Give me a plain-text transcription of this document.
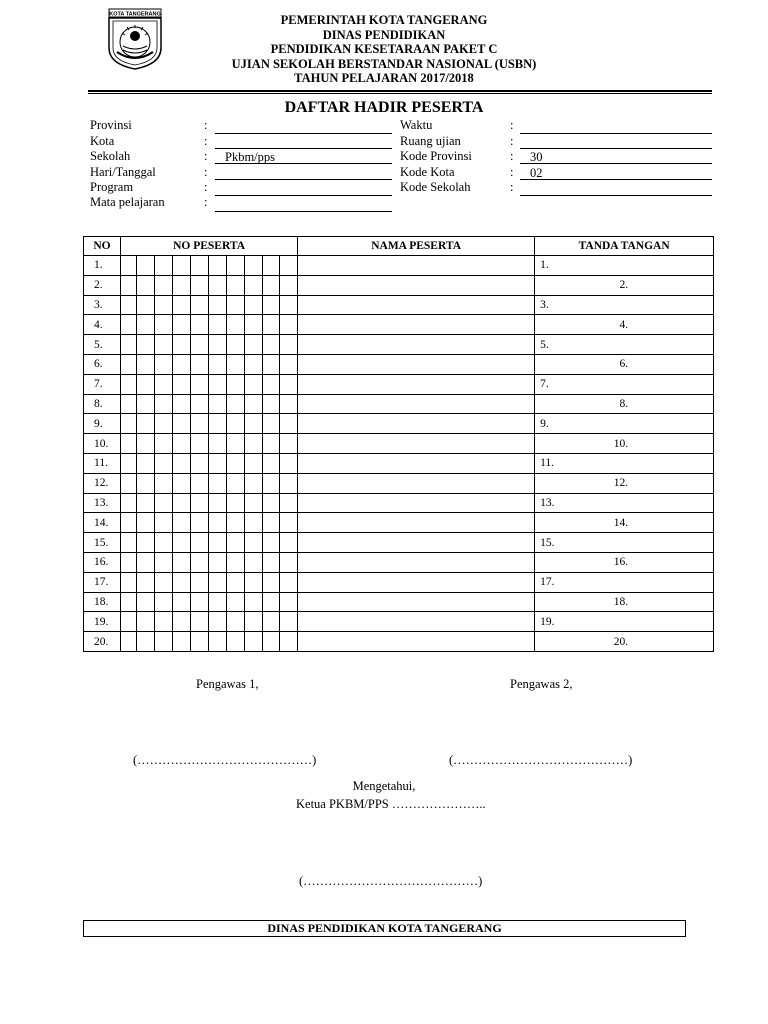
KOTA TANGERANG	PEMERINTAH KOTA TANGERANG
DINAS PENDIDIKAN
PENDIDIKAN KESETARAAN PAKET C
UJIAN SEKOLAH BERSTANDAR NASIONAL (USBN)
TAHUN PELAJARAN 2017/2018
DAFTAR HADIR PESERTA
Provinsi	:
Kota	:
Sekolah	:	Pkbm/pps
Hari/Tanggal	:
Program	:
Mata pelajaran	:
Waktu	:
Ruang ujian	:
Kode Provinsi	:	30
Kode Kota	:	02
Kode Sekolah	:
NO	NO PESERTA										NAMA PESERTA	TANDA TANGAN
1.												1.
2.												2.
3.												3.
4.												4.
5.												5.
6.												6.
7.												7.
8.												8.
9.												9.
10.												10.
11.												11.
12.												12.
13.												13.
14.												14.
15.												15.
16.												16.
17.												17.
18.												18.
19.												19.
20.												20.
Pengawas 1,	Pengawas 2,
(……………………………………)	(……………………………………)
Mengetahui,
Ketua PKBM/PPS …………………..
(……………………………………)
DINAS PENDIDIKAN KOTA TANGERANG
